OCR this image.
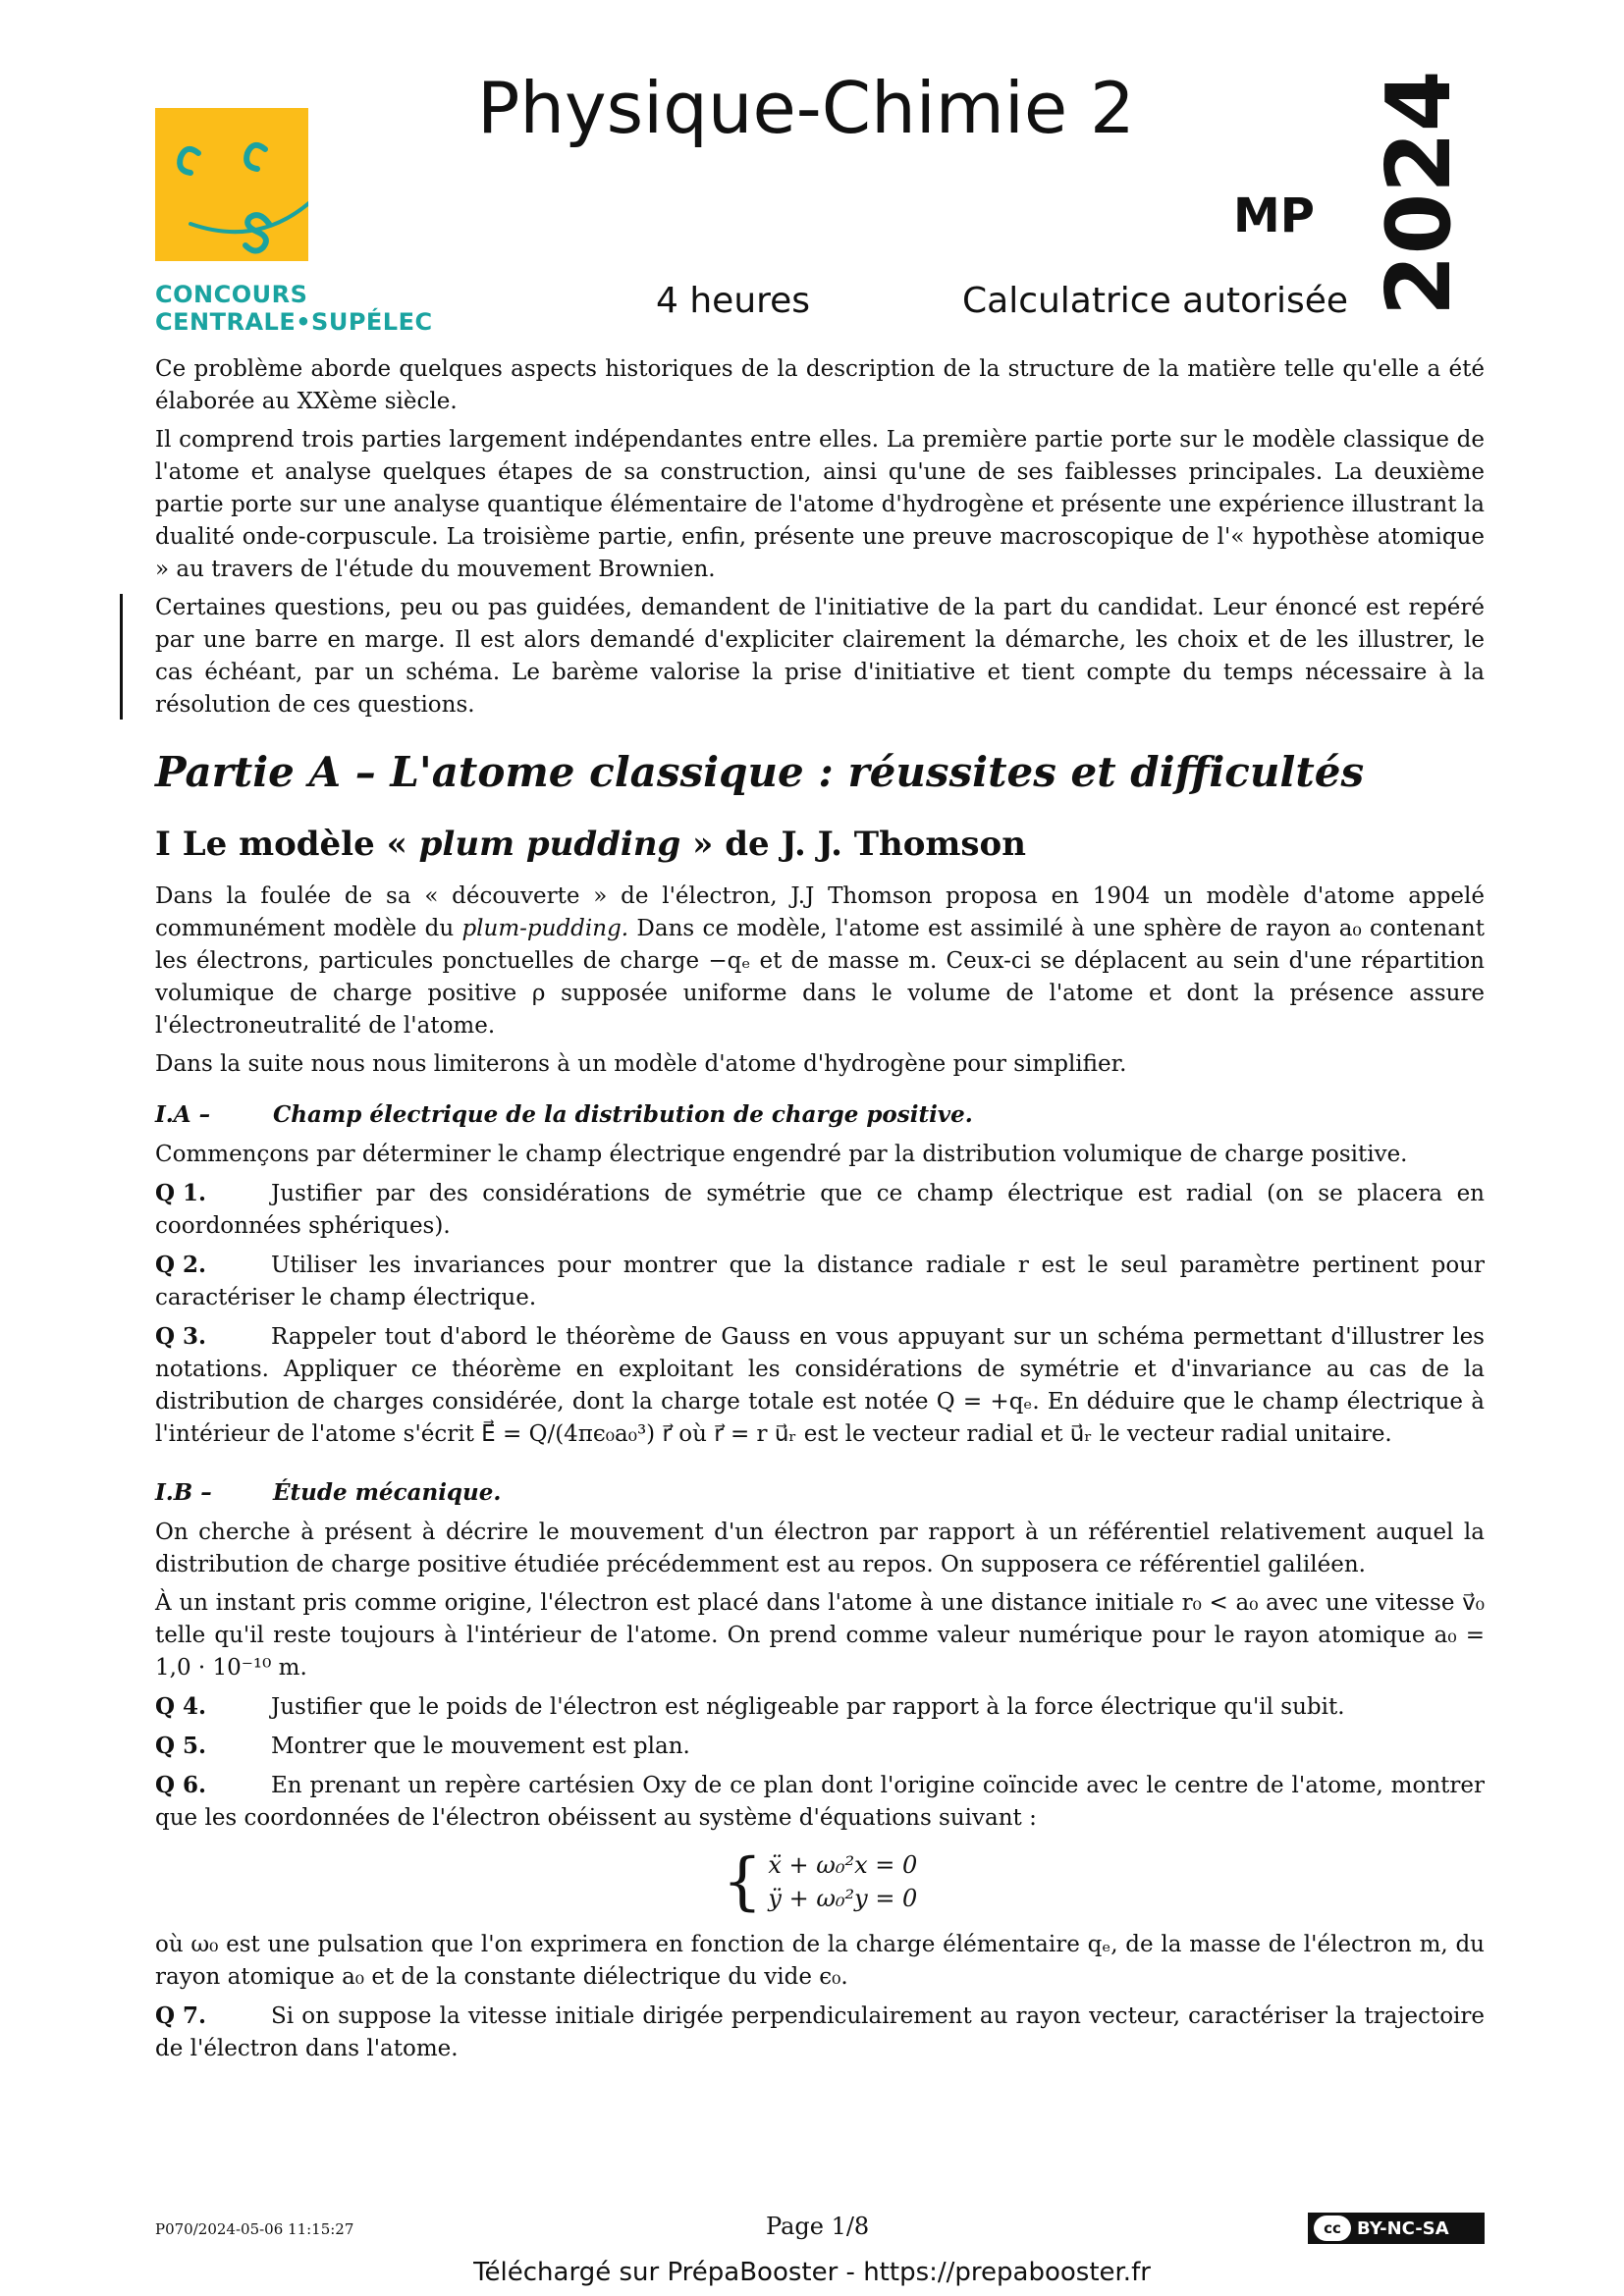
CONCOURS CENTRALE•SUPÉLEC
Physique-Chimie 2
MP 2024
4 heures	Calculatrice autorisée

Ce problème aborde quelques aspects historiques de la description de la structure de la matière telle qu'elle a été élaborée au XXème siècle.

Il comprend trois parties largement indépendantes entre elles. La première partie porte sur le modèle classique de l'atome et analyse quelques étapes de sa construction, ainsi qu'une de ses faiblesses principales. La deuxième partie porte sur une analyse quantique élémentaire de l'atome d'hydrogène et présente une expérience illustrant la dualité onde-corpuscule. La troisième partie, enfin, présente une preuve macroscopique de l'« hypothèse atomique » au travers de l'étude du mouvement Brownien.

Certaines questions, peu ou pas guidées, demandent de l'initiative de la part du candidat. Leur énoncé est repéré par une barre en marge. Il est alors demandé d'expliciter clairement la démarche, les choix et de les illustrer, le cas échéant, par un schéma. Le barème valorise la prise d'initiative et tient compte du temps nécessaire à la résolution de ces questions.

Partie A – L'atome classique : réussites et difficultés
I Le modèle « plum pudding » de J. J. Thomson

Dans la foulée de sa « découverte » de l'électron, J.J Thomson proposa en 1904 un modèle d'atome appelé communément modèle du plum-pudding. Dans ce modèle, l'atome est assimilé à une sphère de rayon a₀ contenant les électrons, particules ponctuelles de charge −qₑ et de masse m. Ceux-ci se déplacent au sein d'une répartition volumique de charge positive ρ supposée uniforme dans le volume de l'atome et dont la présence assure l'électroneutralité de l'atome.

Dans la suite nous nous limiterons à un modèle d'atome d'hydrogène pour simplifier.

I.A –	Champ électrique de la distribution de charge positive.

Commençons par déterminer le champ électrique engendré par la distribution volumique de charge positive.

Q 1.	Justifier par des considérations de symétrie que ce champ électrique est radial (on se placera en coordonnées sphériques).
Q 2.	Utiliser les invariances pour montrer que la distance radiale r est le seul paramètre pertinent pour caractériser le champ électrique.
Q 3.	Rappeler tout d'abord le théorème de Gauss en vous appuyant sur un schéma permettant d'illustrer les notations. Appliquer ce théorème en exploitant les considérations de symétrie et d'invariance au cas de la distribution de charges considérée, dont la charge totale est notée Q = +qₑ. En déduire que le champ électrique à l'intérieur de l'atome s'écrit E⃗ = Q/(4πϵ₀a₀³) r⃗ où r⃗ = r u⃗ᵣ est le vecteur radial et u⃗ᵣ le vecteur radial unitaire.
I.B –	Étude mécanique.

On cherche à présent à décrire le mouvement d'un électron par rapport à un référentiel relativement auquel la distribution de charge positive étudiée précédemment est au repos. On supposera ce référentiel galiléen.

À un instant pris comme origine, l'électron est placé dans l'atome à une distance initiale r₀ < a₀ avec une vitesse v⃗₀ telle qu'il reste toujours à l'intérieur de l'atome. On prend comme valeur numérique pour le rayon atomique a₀ = 1,0 · 10⁻¹⁰ m.

Q 4.	Justifier que le poids de l'électron est négligeable par rapport à la force électrique qu'il subit.
Q 5.	Montrer que le mouvement est plan.
Q 6.	En prenant un repère cartésien Oxy de ce plan dont l'origine coïncide avec le centre de l'atome, montrer que les coordonnées de l'électron obéissent au système d'équations suivant :
{ ẍ + ω₀²x = 0
ÿ + ω₀²y = 0

où ω₀ est une pulsation que l'on exprimera en fonction de la charge élémentaire qₑ, de la masse de l'électron m, du rayon atomique a₀ et de la constante diélectrique du vide ϵ₀.

Q 7.	Si on suppose la vitesse initiale dirigée perpendiculairement au rayon vecteur, caractériser la trajectoire de l'électron dans l'atome.
P070/2024-05-06 11:15:27	Page 1/8	cc BY-NC-SA
Téléchargé sur PrépaBooster - https://prepabooster.fr
